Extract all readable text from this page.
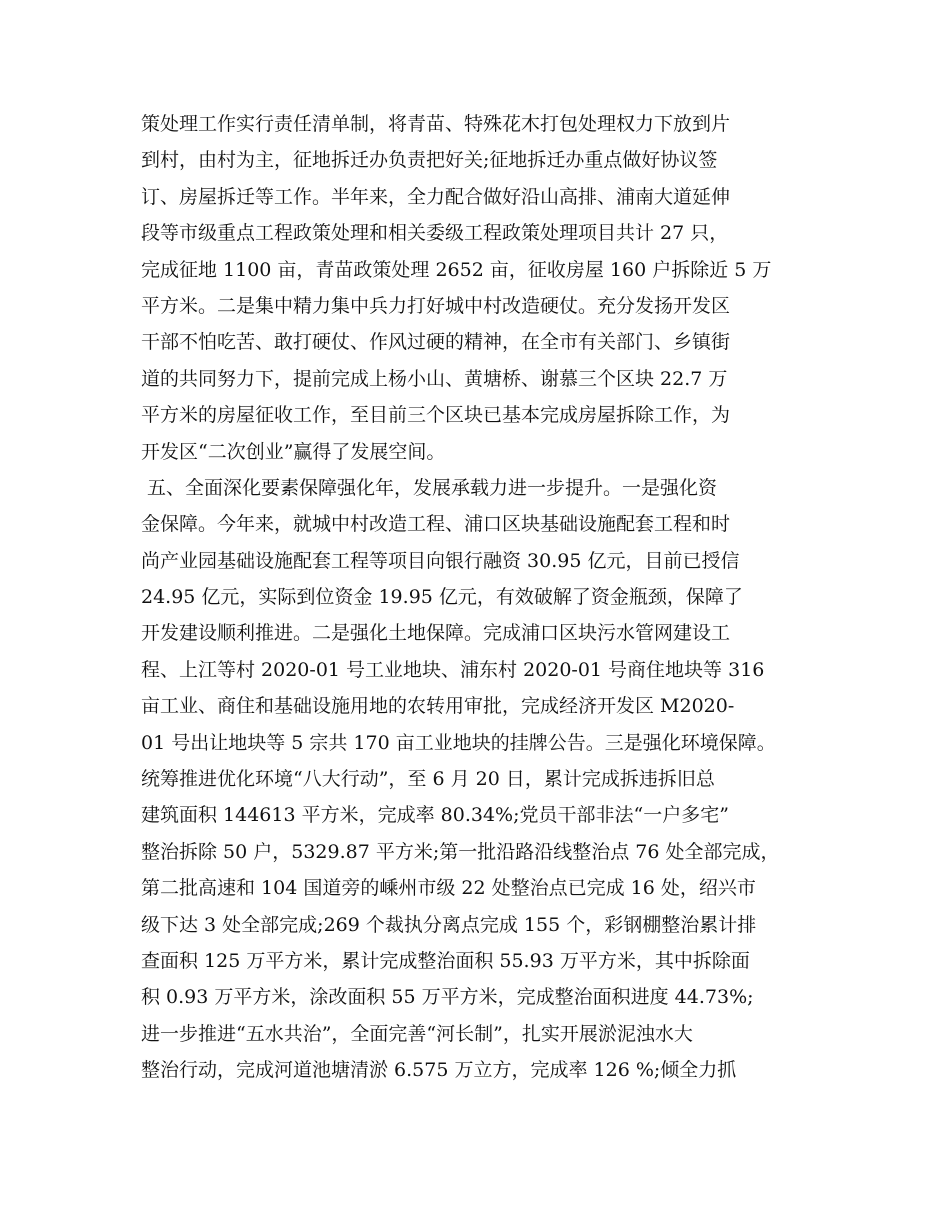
策处理工作实行责任清单制，将青苗、特殊花木打包处理权力下放到片
到村，由村为主，征地拆迁办负责把好关;征地拆迁办重点做好协议签
订、房屋拆迁等工作。半年来，全力配合做好沿山高排、浦南大道延伸
段等市级重点工程政策处理和相关委级工程政策处理项目共计 27 只，
完成征地 1100 亩，青苗政策处理 2652 亩，征收房屋 160 户拆除近 5 万
平方米。二是集中精力集中兵力打好城中村改造硬仗。充分发扬开发区
干部不怕吃苦、敢打硬仗、作风过硬的精神，在全市有关部门、乡镇街
道的共同努力下，提前完成上杨小山、黄塘桥、谢慕三个区块 22.7 万
平方米的房屋征收工作，至目前三个区块已基本完成房屋拆除工作，为
开发区“二次创业”赢得了发展空间。
五、全面深化要素保障强化年，发展承载力进一步提升。一是强化资
金保障。今年来，就城中村改造工程、浦口区块基础设施配套工程和时
尚产业园基础设施配套工程等项目向银行融资 30.95 亿元，目前已授信
24.95 亿元，实际到位资金 19.95 亿元，有效破解了资金瓶颈，保障了
开发建设顺利推进。二是强化土地保障。完成浦口区块污水管网建设工
程、上江等村 2020-01 号工业地块、浦东村 2020-01 号商住地块等 316
亩工业、商住和基础设施用地的农转用审批，完成经济开发区 M2020-
01 号出让地块等 5 宗共 170 亩工业地块的挂牌公告。三是强化环境保障。
统筹推进优化环境“八大行动”，至 6 月 20 日，累计完成拆违拆旧总
建筑面积 144613 平方米，完成率 80.34%;党员干部非法“一户多宅”
整治拆除 50 户，5329.87 平方米;第一批沿路沿线整治点 76 处全部完成，
第二批高速和 104 国道旁的嵊州市级 22 处整治点已完成 16 处，绍兴市
级下达 3 处全部完成;269 个裁执分离点完成 155 个，彩钢棚整治累计排
查面积 125 万平方米，累计完成整治面积 55.93 万平方米，其中拆除面
积 0.93 万平方米，涂改面积 55 万平方米，完成整治面积进度 44.73%;
进一步推进“五水共治”，全面完善“河长制”，扎实开展淤泥浊水大
整治行动，完成河道池塘清淤 6.575 万立方，完成率 126 %;倾全力抓
